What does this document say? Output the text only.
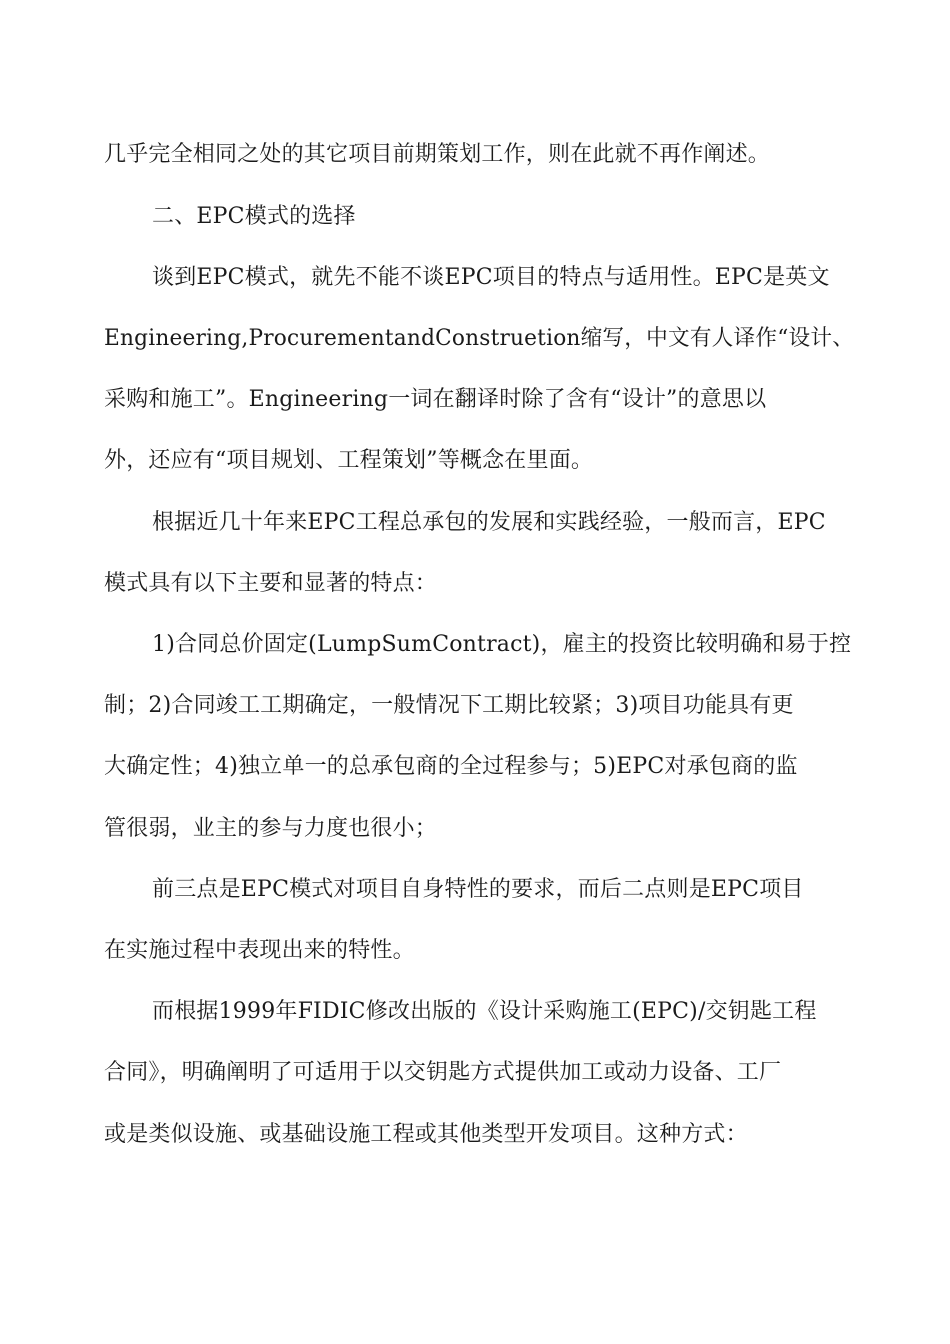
几乎完全相同之处的其它项目前期策划工作，则在此就不再作阐述。
二、EPC模式的选择
谈到EPC模式，就先不能不谈EPC项目的特点与适用性。EPC是英文
Engineering,ProcurementandConstruetion缩写，中文有人译作“设计、
采购和施工”。Engineering一词在翻译时除了含有“设计”的意思以
外，还应有“项目规划、工程策划”等概念在里面。
根据近几十年来EPC工程总承包的发展和实践经验，一般而言，EPC
模式具有以下主要和显著的特点：
1)合同总价固定(LumpSumContract)，雇主的投资比较明确和易于控
制；2)合同竣工工期确定，一般情况下工期比较紧；3)项目功能具有更
大确定性；4)独立单一的总承包商的全过程参与；5)EPC对承包商的监
管很弱，业主的参与力度也很小；
前三点是EPC模式对项目自身特性的要求，而后二点则是EPC项目
在实施过程中表现出来的特性。
而根据1999年FIDIC修改出版的《设计采购施工(EPC)/交钥匙工程
合同》，明确阐明了可适用于以交钥匙方式提供加工或动力设备、工厂
或是类似设施、或基础设施工程或其他类型开发项目。这种方式：
